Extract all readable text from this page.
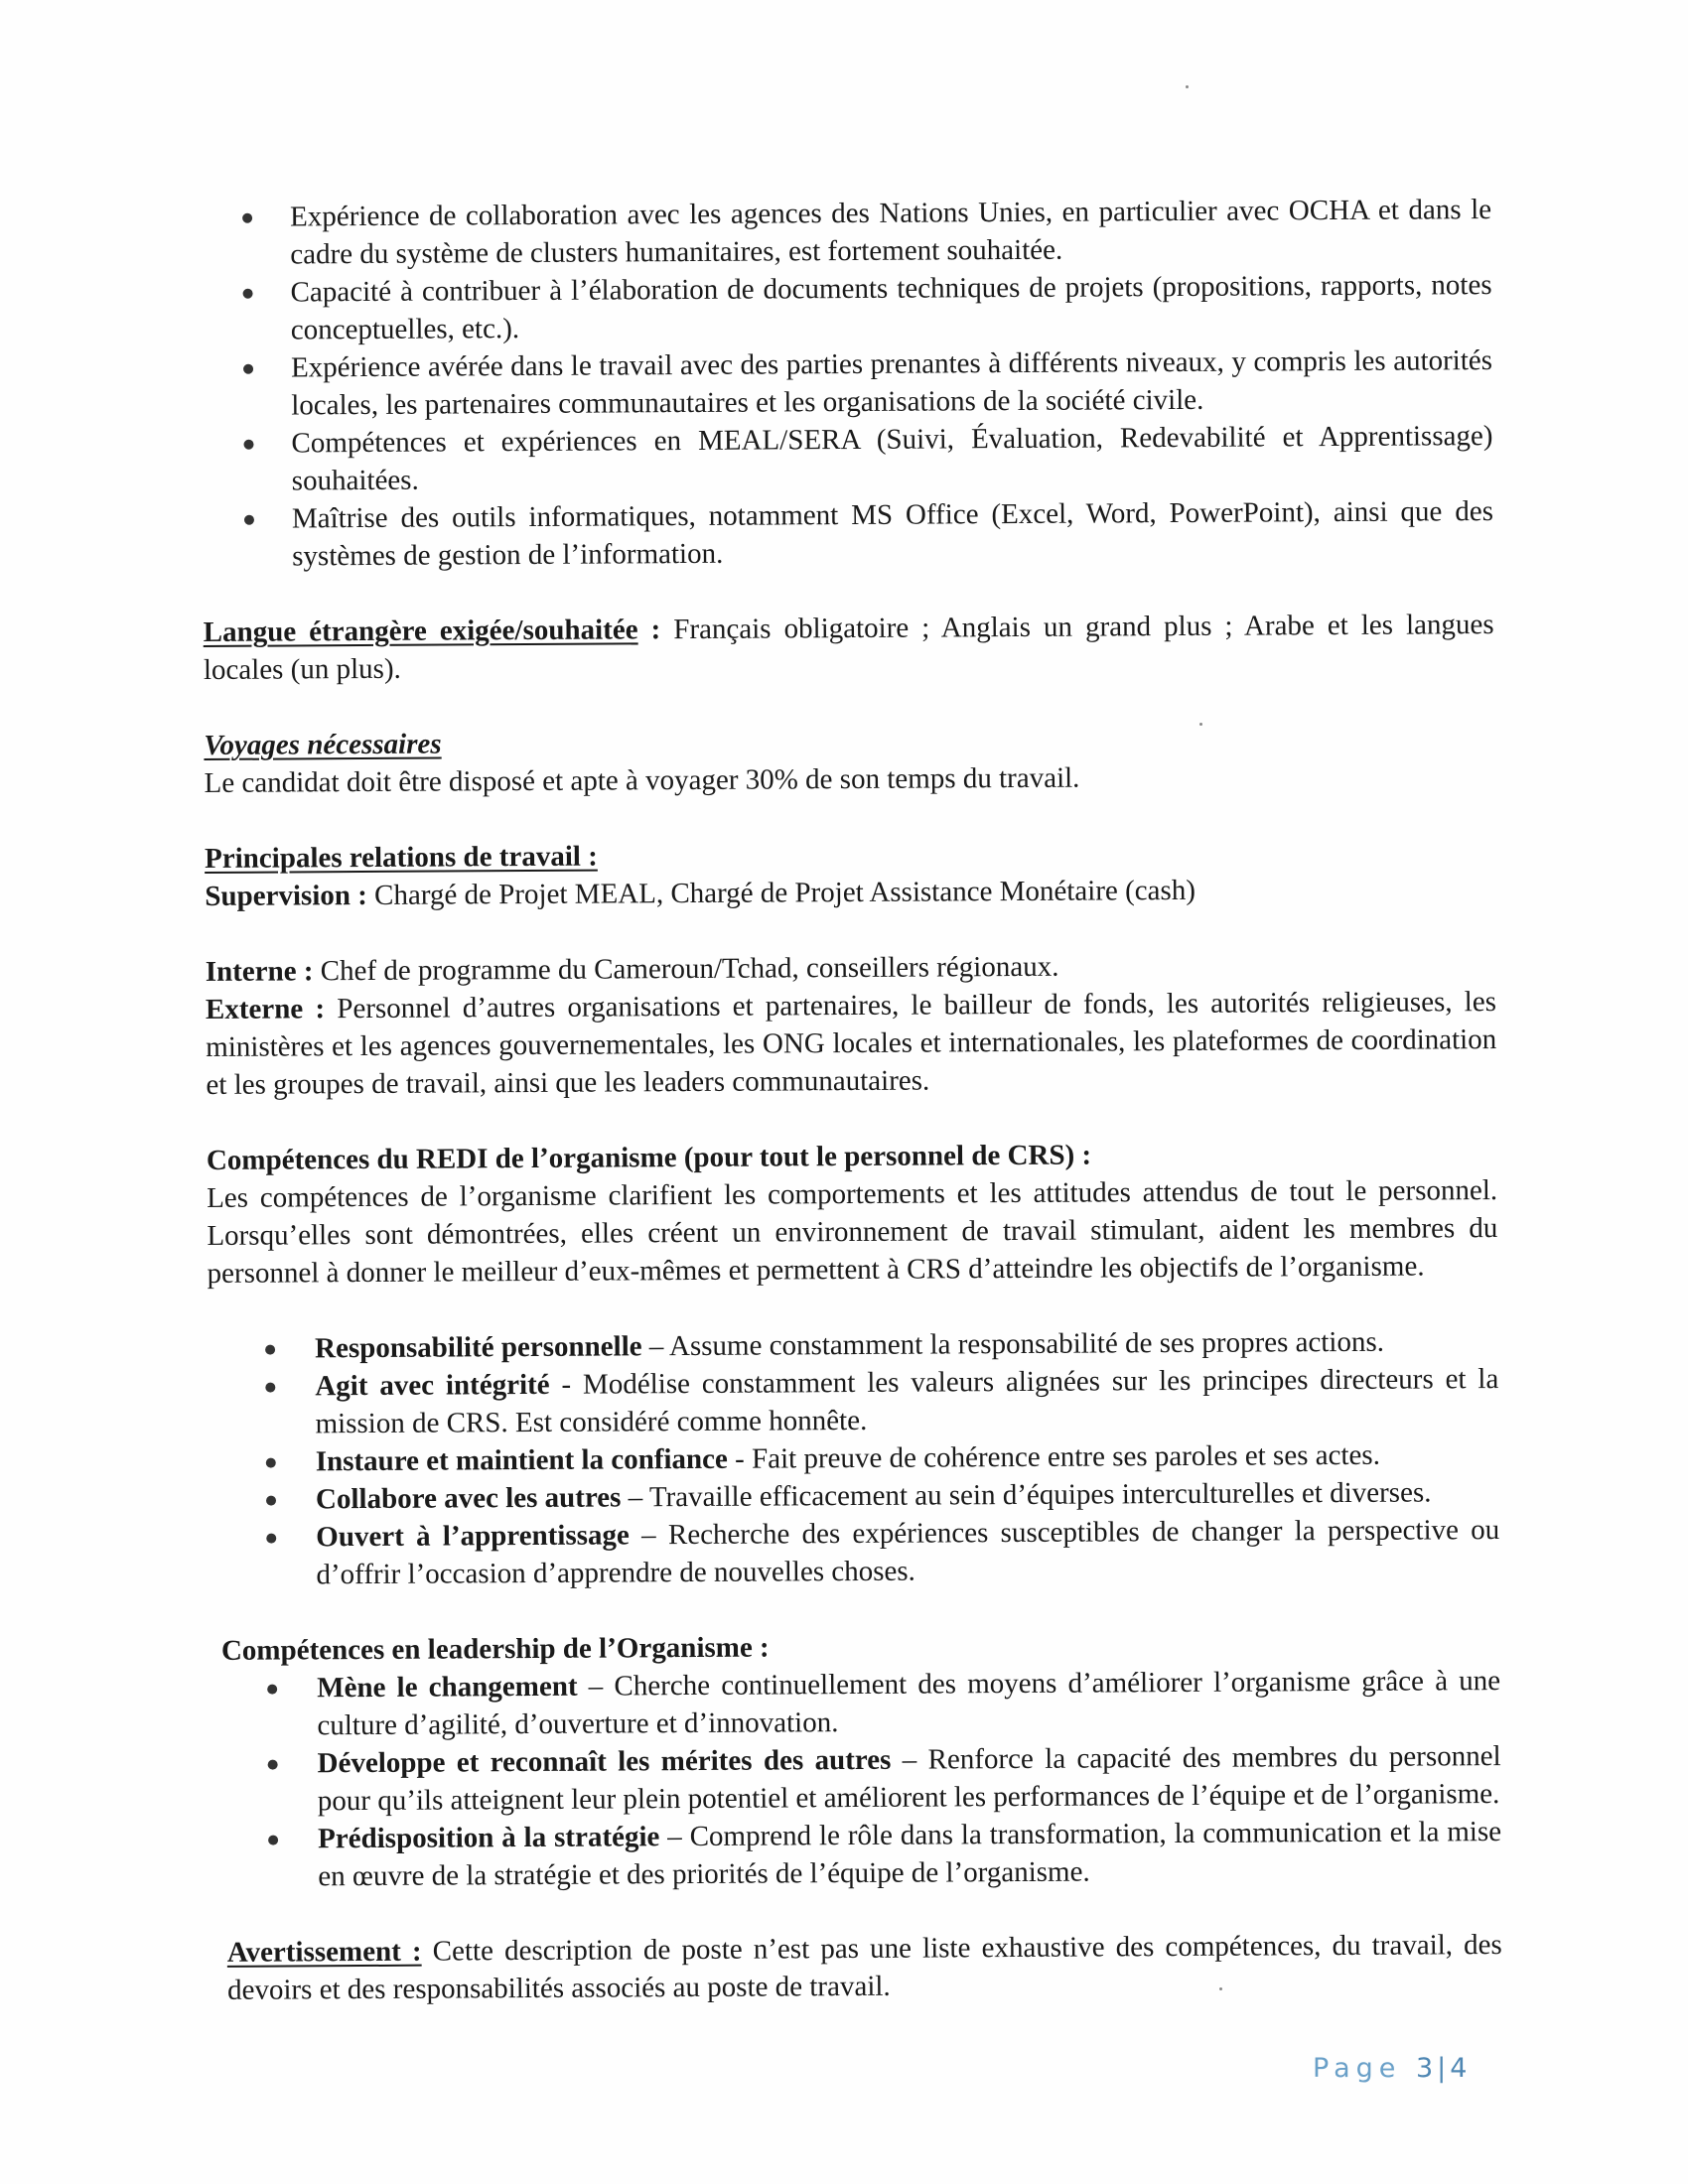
Expérience de collaboration avec les agences des Nations Unies, en particulier avec OCHA et dans le cadre du système de clusters humanitaires, est fortement souhaitée.
Capacité à contribuer à l’élaboration de documents techniques de projets (propositions, rapports, notes conceptuelles, etc.).
Expérience avérée dans le travail avec des parties prenantes à différents niveaux, y compris les autorités locales, les partenaires communautaires et les organisations de la société civile.
Compétences et expériences en MEAL/SERA (Suivi, Évaluation, Redevabilité et Apprentissage) souhaitées.
Maîtrise des outils informatiques, notamment MS Office (Excel, Word, PowerPoint), ainsi que des systèmes de gestion de l’information.

Langue étrangère exigée/souhaitée : Français obligatoire ; Anglais un grand plus ; Arabe et les langues locales (un plus).

Voyages nécessaires

Le candidat doit être disposé et apte à voyager 30% de son temps du travail.

Principales relations de travail :

Supervision : Chargé de Projet MEAL, Chargé de Projet Assistance Monétaire (cash)

Interne : Chef de programme du Cameroun/Tchad, conseillers régionaux.

Externe : Personnel d’autres organisations et partenaires, le bailleur de fonds, les autorités religieuses, les ministères et les agences gouvernementales, les ONG locales et internationales, les plateformes de coordination et les groupes de travail, ainsi que les leaders communautaires.

Compétences du REDI de l’organisme (pour tout le personnel de CRS) :

Les compétences de l’organisme clarifient les comportements et les attitudes attendus de tout le personnel. Lorsqu’elles sont démontrées, elles créent un environnement de travail stimulant, aident les membres du personnel à donner le meilleur d’eux-mêmes et permettent à CRS d’atteindre les objectifs de l’organisme.

Responsabilité personnelle – Assume constamment la responsabilité de ses propres actions.
Agit avec intégrité - Modélise constamment les valeurs alignées sur les principes directeurs et la mission de CRS. Est considéré comme honnête.
Instaure et maintient la confiance - Fait preuve de cohérence entre ses paroles et ses actes.
Collabore avec les autres – Travaille efficacement au sein d’équipes interculturelles et diverses.
Ouvert à l’apprentissage – Recherche des expériences susceptibles de changer la perspective ou d’offrir l’occasion d’apprendre de nouvelles choses.

Compétences en leadership de l’Organisme :

Mène le changement – Cherche continuellement des moyens d’améliorer l’organisme grâce à une culture d’agilité, d’ouverture et d’innovation.
Développe et reconnaît les mérites des autres – Renforce la capacité des membres du personnel pour qu’ils atteignent leur plein potentiel et améliorent les performances de l’équipe et de l’organisme.
Prédisposition à la stratégie – Comprend le rôle dans la transformation, la communication et la mise en œuvre de la stratégie et des priorités de l’équipe de l’organisme.

Avertissement : Cette description de poste n’est pas une liste exhaustive des compétences, du travail, des devoirs et des responsabilités associés au poste de travail.

Page 3 | 4
